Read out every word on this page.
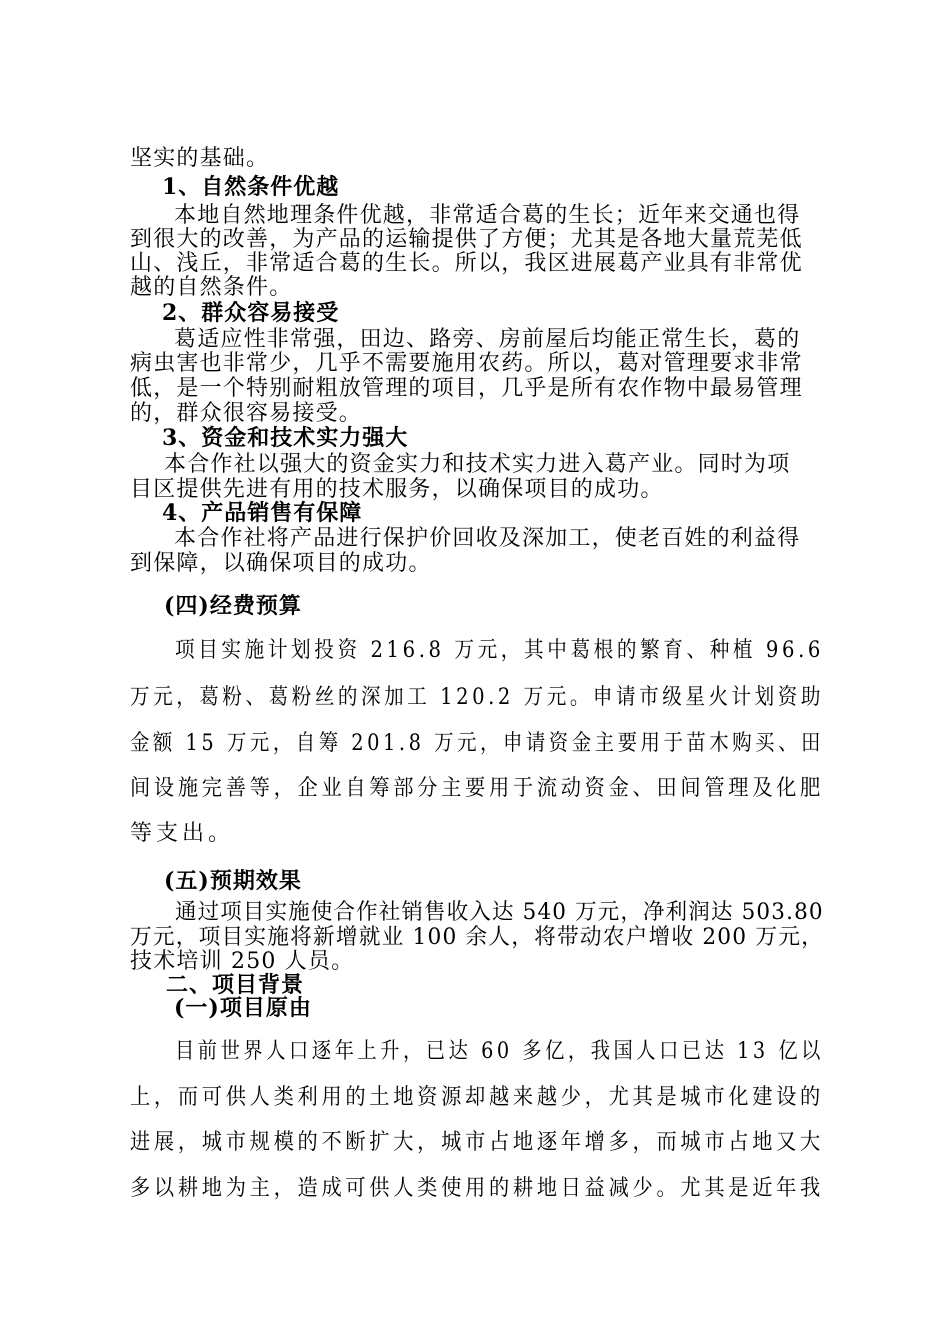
坚实的基础。
1、自然条件优越
本地自然地理条件优越，非常适合葛的生长；近年来交通也得
到很大的改善，为产品的运输提供了方便；尤其是各地大量荒芜低
山、浅丘，非常适合葛的生长。所以，我区进展葛产业具有非常优
越的自然条件。
2、群众容易接受
葛适应性非常强，田边、路旁、房前屋后均能正常生长，葛的
病虫害也非常少，几乎不需要施用农药。所以，葛对管理要求非常
低，是一个特别耐粗放管理的项目，几乎是所有农作物中最易管理
的，群众很容易接受。
3、资金和技术实力强大
本合作社以强大的资金实力和技术实力进入葛产业。同时为项
目区提供先进有用的技术服务，以确保项目的成功。
4、产品销售有保障
本合作社将产品进行保护价回收及深加工，使老百姓的利益得
到保障，以确保项目的成功。
(四)经费预算
项目实施计划投资 216.8 万元，其中葛根的繁育、种植 96.6
万元，葛粉、葛粉丝的深加工 120.2 万元。申请市级星火计划资助
金额 15 万元，自筹 201.8 万元，申请资金主要用于苗木购买、田
间设施完善等，企业自筹部分主要用于流动资金、田间管理及化肥
等支出。
(五)预期效果
通过项目实施使合作社销售收入达 540 万元，净利润达 503.80
万元，项目实施将新增就业 100 余人，将带动农户增收 200 万元，
技术培训 250 人员。
二、项目背景
(一)项目原由
目前世界人口逐年上升，已达 60 多亿，我国人口已达 13 亿以
上，而可供人类利用的土地资源却越来越少，尤其是城市化建设的
进展，城市规模的不断扩大，城市占地逐年增多，而城市占地又大
多以耕地为主，造成可供人类使用的耕地日益减少。尤其是近年我
